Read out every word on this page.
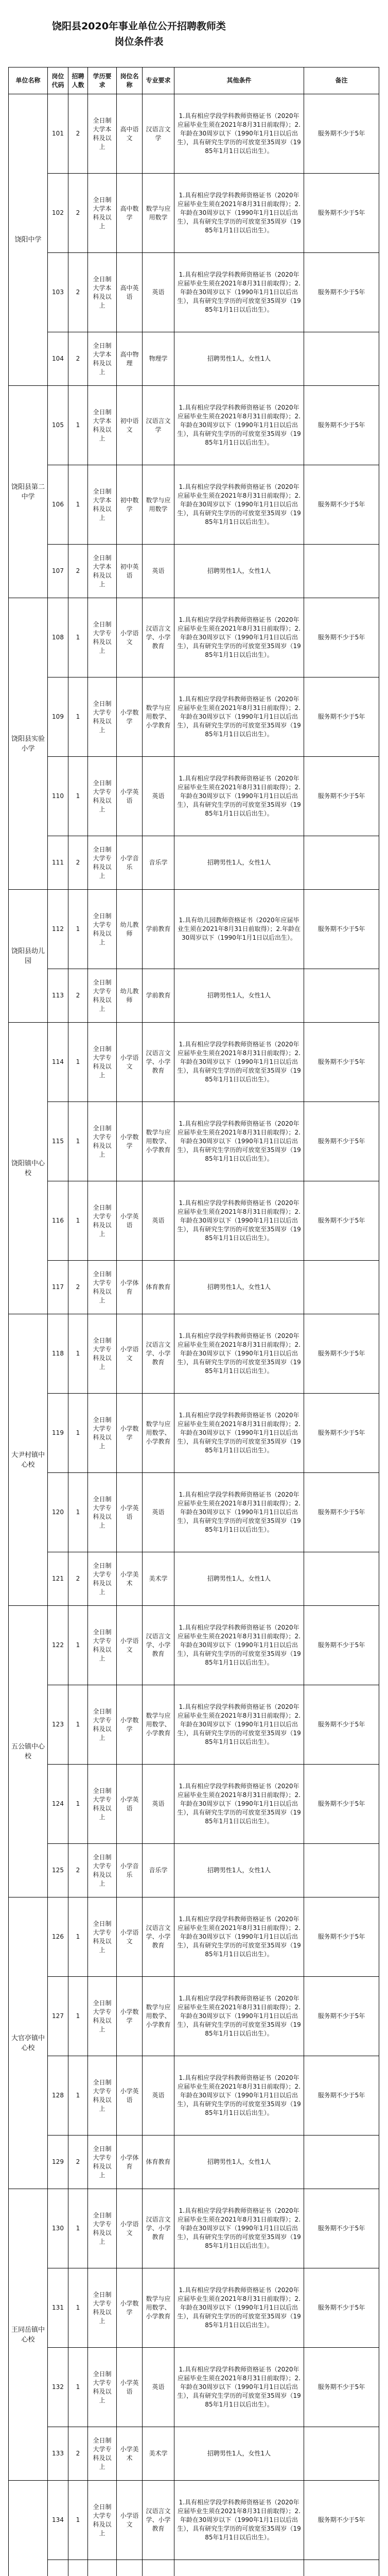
饶阳县2020年事业单位公开招聘教师类
岗位条件表
单位名称	岗位代码	招聘人数	学历要求	岗位名称	专业要求	其他条件	备注
饶阳中学	101	2	全日制大学本科及以上	高中语文	汉语言文学	1.具有相应学段学科教师资格证书（2020年应届毕业生须在2021年8月31日前取得）；2.年龄在30周岁以下（1990年1月1日以后出生），具有研究生学历的可放宽至35周岁（1985年1月1日以后出生）。	服务期不少于5年
	102	2	全日制大学本科及以上	高中数学	数学与应用数学	1.具有相应学段学科教师资格证书（2020年应届毕业生须在2021年8月31日前取得）；2.年龄在30周岁以下（1990年1月1日以后出生），具有研究生学历的可放宽至35周岁（1985年1月1日以后出生）。	服务期不少于5年
	103	2	全日制大学本科及以上	高中英语	英语	1.具有相应学段学科教师资格证书（2020年应届毕业生须在2021年8月31日前取得）；2.年龄在30周岁以下（1990年1月1日以后出生），具有研究生学历的可放宽至35周岁（1985年1月1日以后出生）。	服务期不少于5年
	104	2	全日制大学本科及以上	高中物理	物理学	招聘男性1人，女性1人	
饶阳县第二中学	105	1	全日制大学本科及以上	初中语文	汉语言文学	1.具有相应学段学科教师资格证书（2020年应届毕业生须在2021年8月31日前取得）；2.年龄在30周岁以下（1990年1月1日以后出生），具有研究生学历的可放宽至35周岁（1985年1月1日以后出生）。	服务期不少于5年
	106	1	全日制大学本科及以上	初中数学	数学与应用数学	1.具有相应学段学科教师资格证书（2020年应届毕业生须在2021年8月31日前取得）；2.年龄在30周岁以下（1990年1月1日以后出生），具有研究生学历的可放宽至35周岁（1985年1月1日以后出生）。	服务期不少于5年
	107	2	全日制大学本科及以上	初中英语	英语	招聘男性1人，女性1人	
饶阳县实验小学	108	1	全日制大学专科及以上	小学语文	汉语言文学、小学教育	1.具有相应学段学科教师资格证书（2020年应届毕业生须在2021年8月31日前取得）；2.年龄在30周岁以下（1990年1月1日以后出生），具有研究生学历的可放宽至35周岁（1985年1月1日以后出生）。	服务期不少于5年
	109	1	全日制大学专科及以上	小学数学	数学与应用数学、小学教育	1.具有相应学段学科教师资格证书（2020年应届毕业生须在2021年8月31日前取得）；2.年龄在30周岁以下（1990年1月1日以后出生），具有研究生学历的可放宽至35周岁（1985年1月1日以后出生）。	服务期不少于5年
	110	1	全日制大学专科及以上	小学英语	英语	1.具有相应学段学科教师资格证书（2020年应届毕业生须在2021年8月31日前取得）；2.年龄在30周岁以下（1990年1月1日以后出生），具有研究生学历的可放宽至35周岁（1985年1月1日以后出生）。	服务期不少于5年
	111	2	全日制大学专科及以上	小学音乐	音乐学	招聘男性1人，女性1人	
饶阳县幼儿园	112	1	全日制大学专科及以上	幼儿教师	学前教育	1.具有幼儿园教师资格证书（2020年应届毕业生须在2021年8月31日前取得）；2.年龄在30周岁以下（1990年1月1日以后出生）。	服务期不少于5年
	113	2	全日制大学专科及以上	幼儿教师	学前教育	招聘男性1人，女性1人	
饶阳镇中心校	114	1	全日制大学专科及以上	小学语文	汉语言文学、小学教育	1.具有相应学段学科教师资格证书（2020年应届毕业生须在2021年8月31日前取得）；2.年龄在30周岁以下（1990年1月1日以后出生），具有研究生学历的可放宽至35周岁（1985年1月1日以后出生）。	服务期不少于5年
	115	1	全日制大学专科及以上	小学数学	数学与应用数学、小学教育	1.具有相应学段学科教师资格证书（2020年应届毕业生须在2021年8月31日前取得）；2.年龄在30周岁以下（1990年1月1日以后出生），具有研究生学历的可放宽至35周岁（1985年1月1日以后出生）。	服务期不少于5年
	116	1	全日制大学专科及以上	小学英语	英语	1.具有相应学段学科教师资格证书（2020年应届毕业生须在2021年8月31日前取得）；2.年龄在30周岁以下（1990年1月1日以后出生），具有研究生学历的可放宽至35周岁（1985年1月1日以后出生）。	服务期不少于5年
	117	2	全日制大学专科及以上	小学体育	体育教育	招聘男性1人，女性1人	
大尹村镇中心校	118	1	全日制大学专科及以上	小学语文	汉语言文学、小学教育	1.具有相应学段学科教师资格证书（2020年应届毕业生须在2021年8月31日前取得）；2.年龄在30周岁以下（1990年1月1日以后出生），具有研究生学历的可放宽至35周岁（1985年1月1日以后出生）。	服务期不少于5年
	119	1	全日制大学专科及以上	小学数学	数学与应用数学、小学教育	1.具有相应学段学科教师资格证书（2020年应届毕业生须在2021年8月31日前取得）；2.年龄在30周岁以下（1990年1月1日以后出生），具有研究生学历的可放宽至35周岁（1985年1月1日以后出生）。	服务期不少于5年
	120	1	全日制大学专科及以上	小学英语	英语	1.具有相应学段学科教师资格证书（2020年应届毕业生须在2021年8月31日前取得）；2.年龄在30周岁以下（1990年1月1日以后出生），具有研究生学历的可放宽至35周岁（1985年1月1日以后出生）。	服务期不少于5年
	121	2	全日制大学专科及以上	小学美术	美术学	招聘男性1人，女性1人	
五公镇中心校	122	1	全日制大学专科及以上	小学语文	汉语言文学、小学教育	1.具有相应学段学科教师资格证书（2020年应届毕业生须在2021年8月31日前取得）；2.年龄在30周岁以下（1990年1月1日以后出生），具有研究生学历的可放宽至35周岁（1985年1月1日以后出生）。	服务期不少于5年
	123	1	全日制大学专科及以上	小学数学	数学与应用数学、小学教育	1.具有相应学段学科教师资格证书（2020年应届毕业生须在2021年8月31日前取得）；2.年龄在30周岁以下（1990年1月1日以后出生），具有研究生学历的可放宽至35周岁（1985年1月1日以后出生）。	服务期不少于5年
	124	1	全日制大学专科及以上	小学英语	英语	1.具有相应学段学科教师资格证书（2020年应届毕业生须在2021年8月31日前取得）；2.年龄在30周岁以下（1990年1月1日以后出生），具有研究生学历的可放宽至35周岁（1985年1月1日以后出生）。	服务期不少于5年
	125	2	全日制大学专科及以上	小学音乐	音乐学	招聘男性1人，女性1人	
大官亭镇中心校	126	1	全日制大学专科及以上	小学语文	汉语言文学、小学教育	1.具有相应学段学科教师资格证书（2020年应届毕业生须在2021年8月31日前取得）；2.年龄在30周岁以下（1990年1月1日以后出生），具有研究生学历的可放宽至35周岁（1985年1月1日以后出生）。	服务期不少于5年
	127	1	全日制大学专科及以上	小学数学	数学与应用数学、小学教育	1.具有相应学段学科教师资格证书（2020年应届毕业生须在2021年8月31日前取得）；2.年龄在30周岁以下（1990年1月1日以后出生），具有研究生学历的可放宽至35周岁（1985年1月1日以后出生）。	服务期不少于5年
	128	1	全日制大学专科及以上	小学英语	英语	1.具有相应学段学科教师资格证书（2020年应届毕业生须在2021年8月31日前取得）；2.年龄在30周岁以下（1990年1月1日以后出生），具有研究生学历的可放宽至35周岁（1985年1月1日以后出生）。	服务期不少于5年
	129	2	全日制大学专科及以上	小学体育	体育教育	招聘男性1人，女性1人	
王同岳镇中心校	130	1	全日制大学专科及以上	小学语文	汉语言文学、小学教育	1.具有相应学段学科教师资格证书（2020年应届毕业生须在2021年8月31日前取得）；2.年龄在30周岁以下（1990年1月1日以后出生），具有研究生学历的可放宽至35周岁（1985年1月1日以后出生）。	服务期不少于5年
	131	1	全日制大学专科及以上	小学数学	数学与应用数学、小学教育	1.具有相应学段学科教师资格证书（2020年应届毕业生须在2021年8月31日前取得）；2.年龄在30周岁以下（1990年1月1日以后出生），具有研究生学历的可放宽至35周岁（1985年1月1日以后出生）。	服务期不少于5年
	132	1	全日制大学专科及以上	小学英语	英语	1.具有相应学段学科教师资格证书（2020年应届毕业生须在2021年8月31日前取得）；2.年龄在30周岁以下（1990年1月1日以后出生），具有研究生学历的可放宽至35周岁（1985年1月1日以后出生）。	服务期不少于5年
	133	2	全日制大学专科及以上	小学美术	美术学	招聘男性1人，女性1人	
	134	1	全日制大学专科及以上	小学语文	汉语言文学、小学教育	1.具有相应学段学科教师资格证书（2020年应届毕业生须在2021年8月31日前取得）；2.年龄在30周岁以下（1990年1月1日以后出生），具有研究生学历的可放宽至35周岁（1985年1月1日以后出生）。	服务期不少于5年
